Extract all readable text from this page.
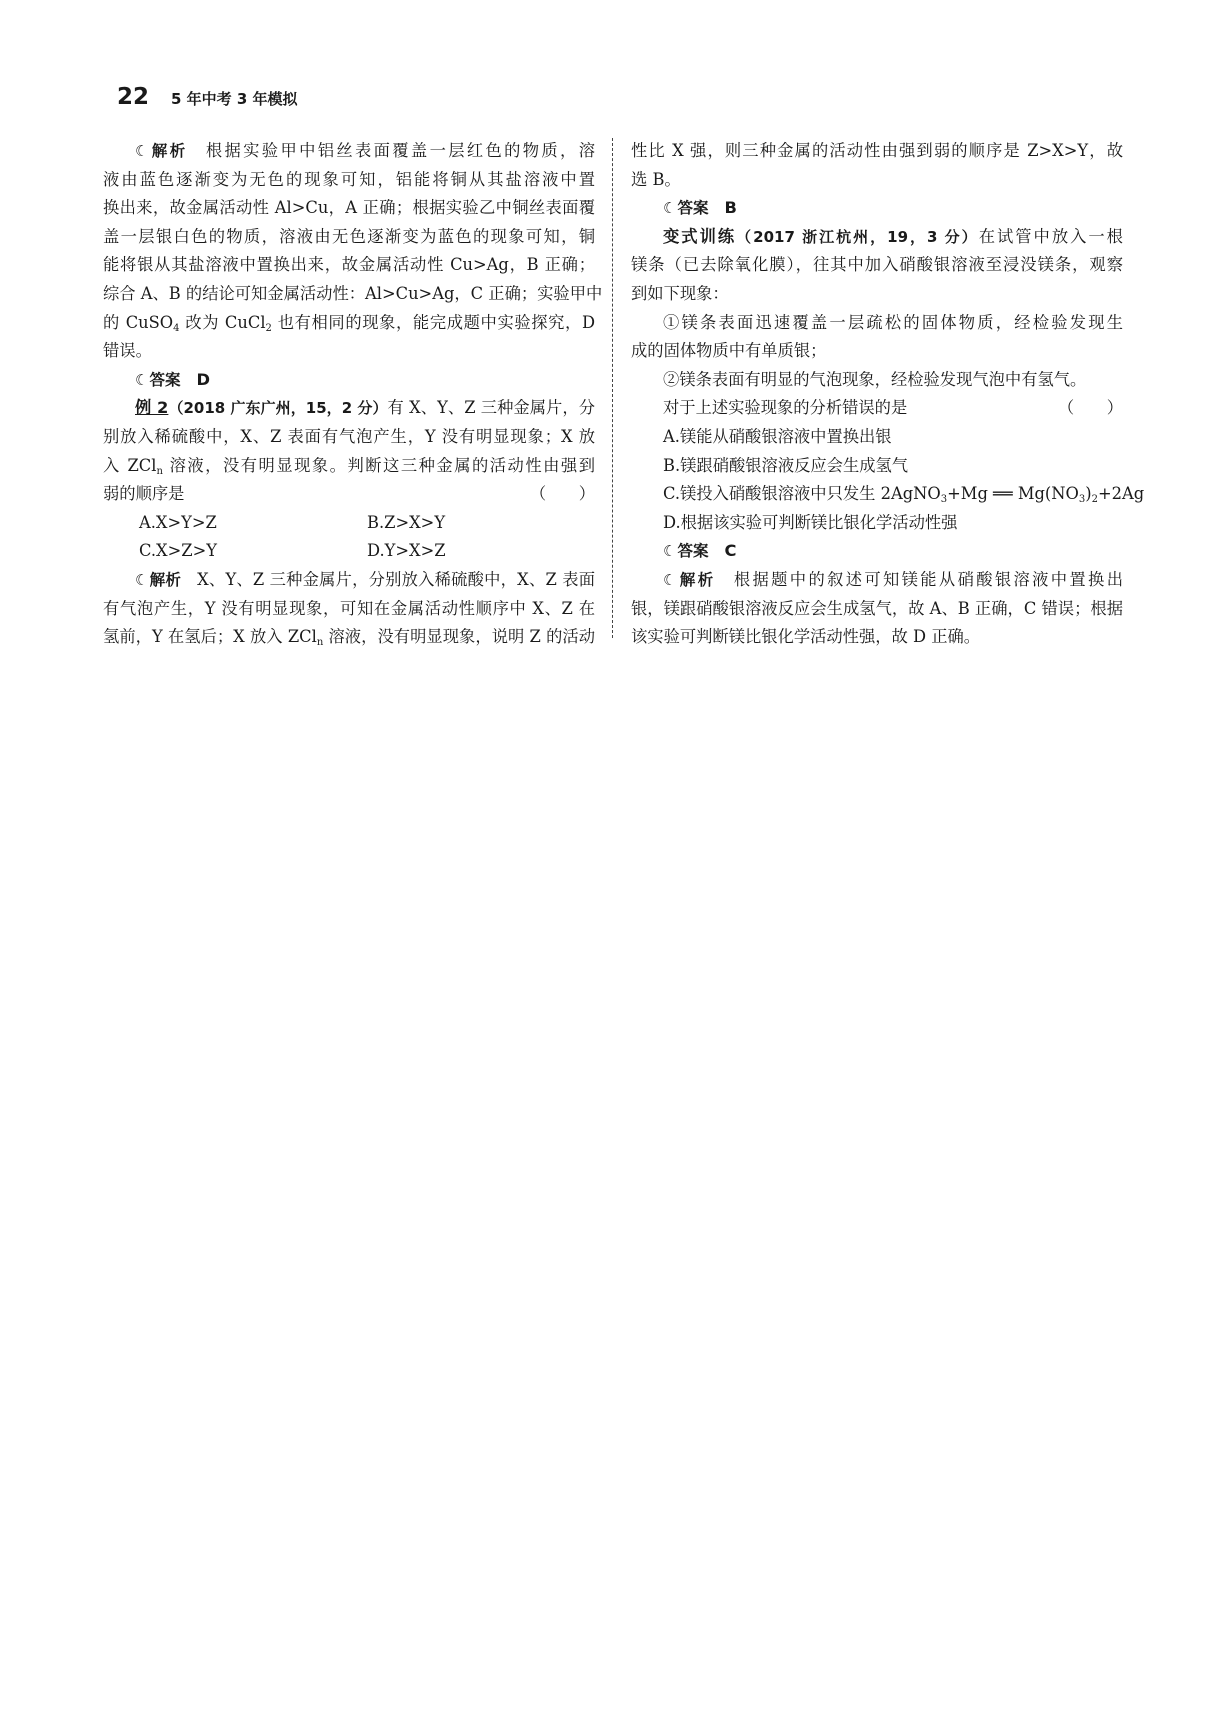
22 5 年中考 3 年模拟
☾解析 根据实验甲中铝丝表面覆盖一层红色的物质，溶
液由蓝色逐渐变为无色的现象可知，铝能将铜从其盐溶液中置
换出来，故金属活动性 Al>Cu，A 正确；根据实验乙中铜丝表面覆
盖一层银白色的物质，溶液由无色逐渐变为蓝色的现象可知，铜
能将银从其盐溶液中置换出来，故金属活动性 Cu>Ag，B 正确；
综合 A、B 的结论可知金属活动性：Al>Cu>Ag，C 正确；实验甲中
的 CuSO$_4$ 改为 CuCl$_2$ 也有相同的现象，能完成题中实验探究，D
错误。
☾答案 D
例 2（2018 广东广州，15，2 分）有 X、Y、Z 三种金属片，分
别放入稀硫酸中，X、Z 表面有气泡产生，Y 没有明显现象；X 放
入 ZCl$_n$ 溶液，没有明显现象。判断这三种金属的活动性由强到
弱的顺序是	（　　）
A.X>Y>Z	B.Z>X>Y
C.X>Z>Y	D.Y>X>Z
☾解析 X、Y、Z 三种金属片，分别放入稀硫酸中，X、Z 表面
有气泡产生，Y 没有明显现象，可知在金属活动性顺序中 X、Z 在
氢前，Y 在氢后；X 放入 ZCl$_n$ 溶液，没有明显现象，说明 Z 的活动
性比 X 强，则三种金属的活动性由强到弱的顺序是 Z>X>Y，故
选 B。
☾答案 B
变式训练（2017 浙江杭州，19，3 分）在试管中放入一根
镁条（已去除氧化膜），往其中加入硝酸银溶液至浸没镁条，观察
到如下现象：
①镁条表面迅速覆盖一层疏松的固体物质，经检验发现生
成的固体物质中有单质银；
②镁条表面有明显的气泡现象，经检验发现气泡中有氢气。
对于上述实验现象的分析错误的是	（　　）
A.镁能从硝酸银溶液中置换出银
B.镁跟硝酸银溶液反应会生成氢气
C.镁投入硝酸银溶液中只发生 2AgNO$_3$+Mg ══ $Mg(NO_3)_2+2Ag$
D.根据该实验可判断镁比银化学活动性强
☾答案 C
☾解析 根据题中的叙述可知镁能从硝酸银溶液中置换出
银，镁跟硝酸银溶液反应会生成氢气，故 A、B 正确，C 错误；根据
该实验可判断镁比银化学活动性强，故 D 正确。
